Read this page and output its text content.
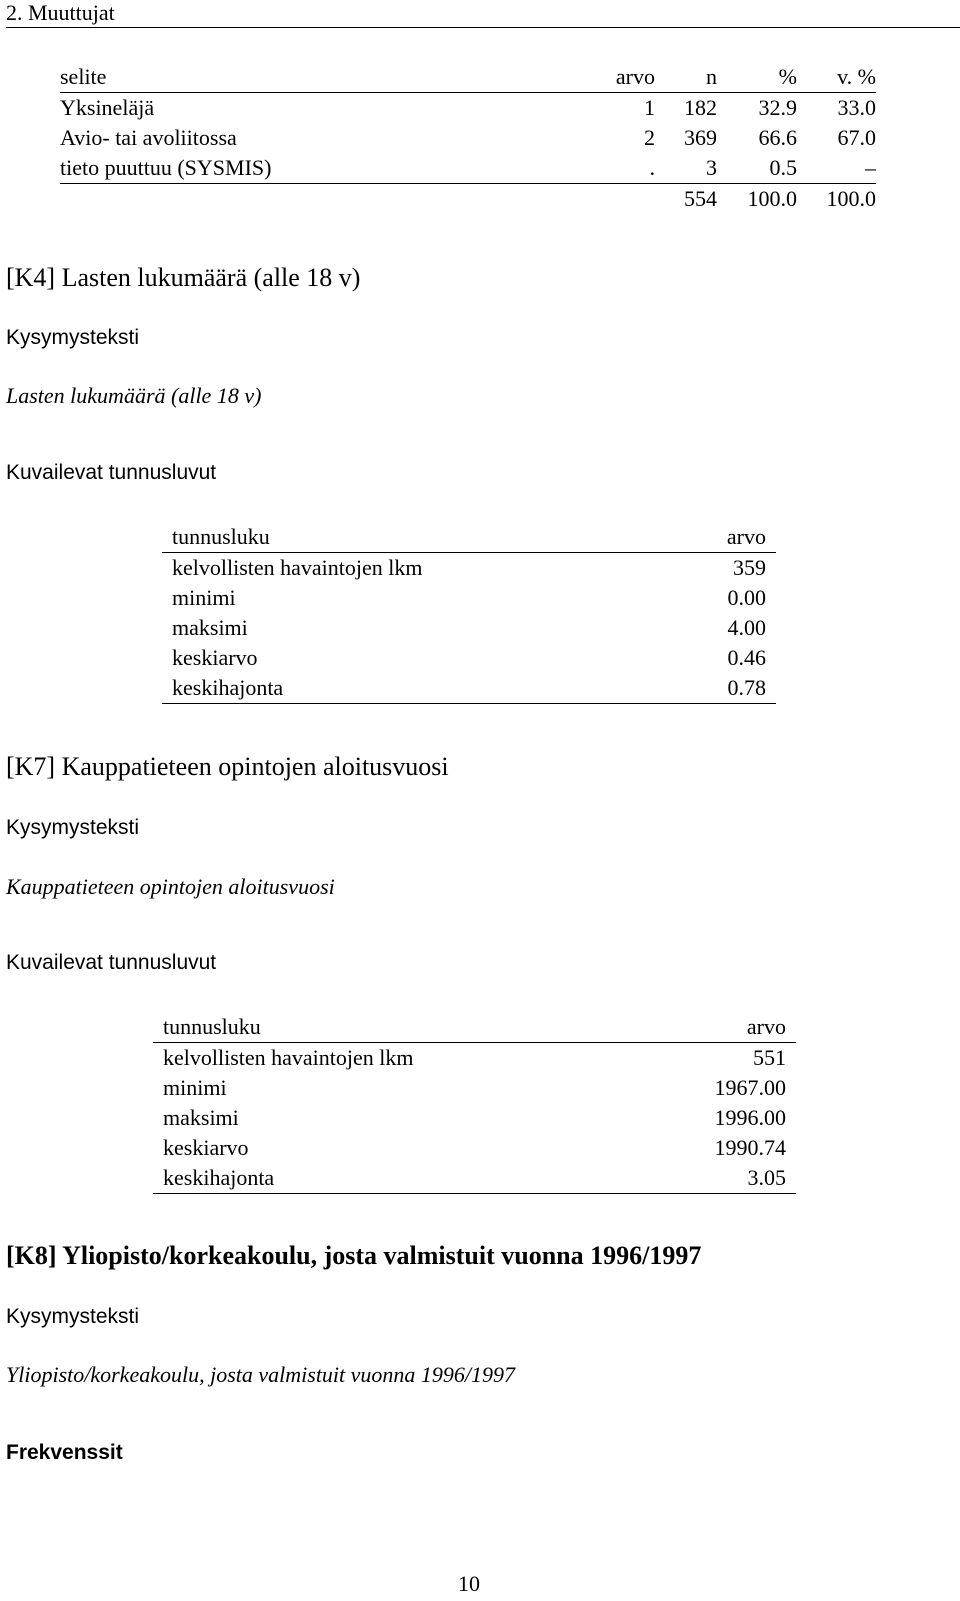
2. Muuttujat
selite	arvo	n	%	v. %
Yksineläjä	1	182	32.9	33.0
Avio- tai avoliitossa	2	369	66.6	67.0
tieto puuttuu (SYSMIS)	.	3	0.5	–
		554	100.0	100.0
[K4] Lasten lukumäärä (alle 18 v)

Kysymysteksti

Lasten lukumäärä (alle 18 v)

Kuvailevat tunnusluvut

tunnusluku	arvo
kelvollisten havaintojen lkm	359
minimi	0.00
maksimi	4.00
keskiarvo	0.46
keskihajonta	0.78
[K7] Kauppatieteen opintojen aloitusvuosi

Kysymysteksti

Kauppatieteen opintojen aloitusvuosi

Kuvailevat tunnusluvut

tunnusluku	arvo
kelvollisten havaintojen lkm	551
minimi	1967.00
maksimi	1996.00
keskiarvo	1990.74
keskihajonta	3.05
[K8] Yliopisto/korkeakoulu, josta valmistuit vuonna 1996/1997

Kysymysteksti

Yliopisto/korkeakoulu, josta valmistuit vuonna 1996/1997

Frekvenssit

10
